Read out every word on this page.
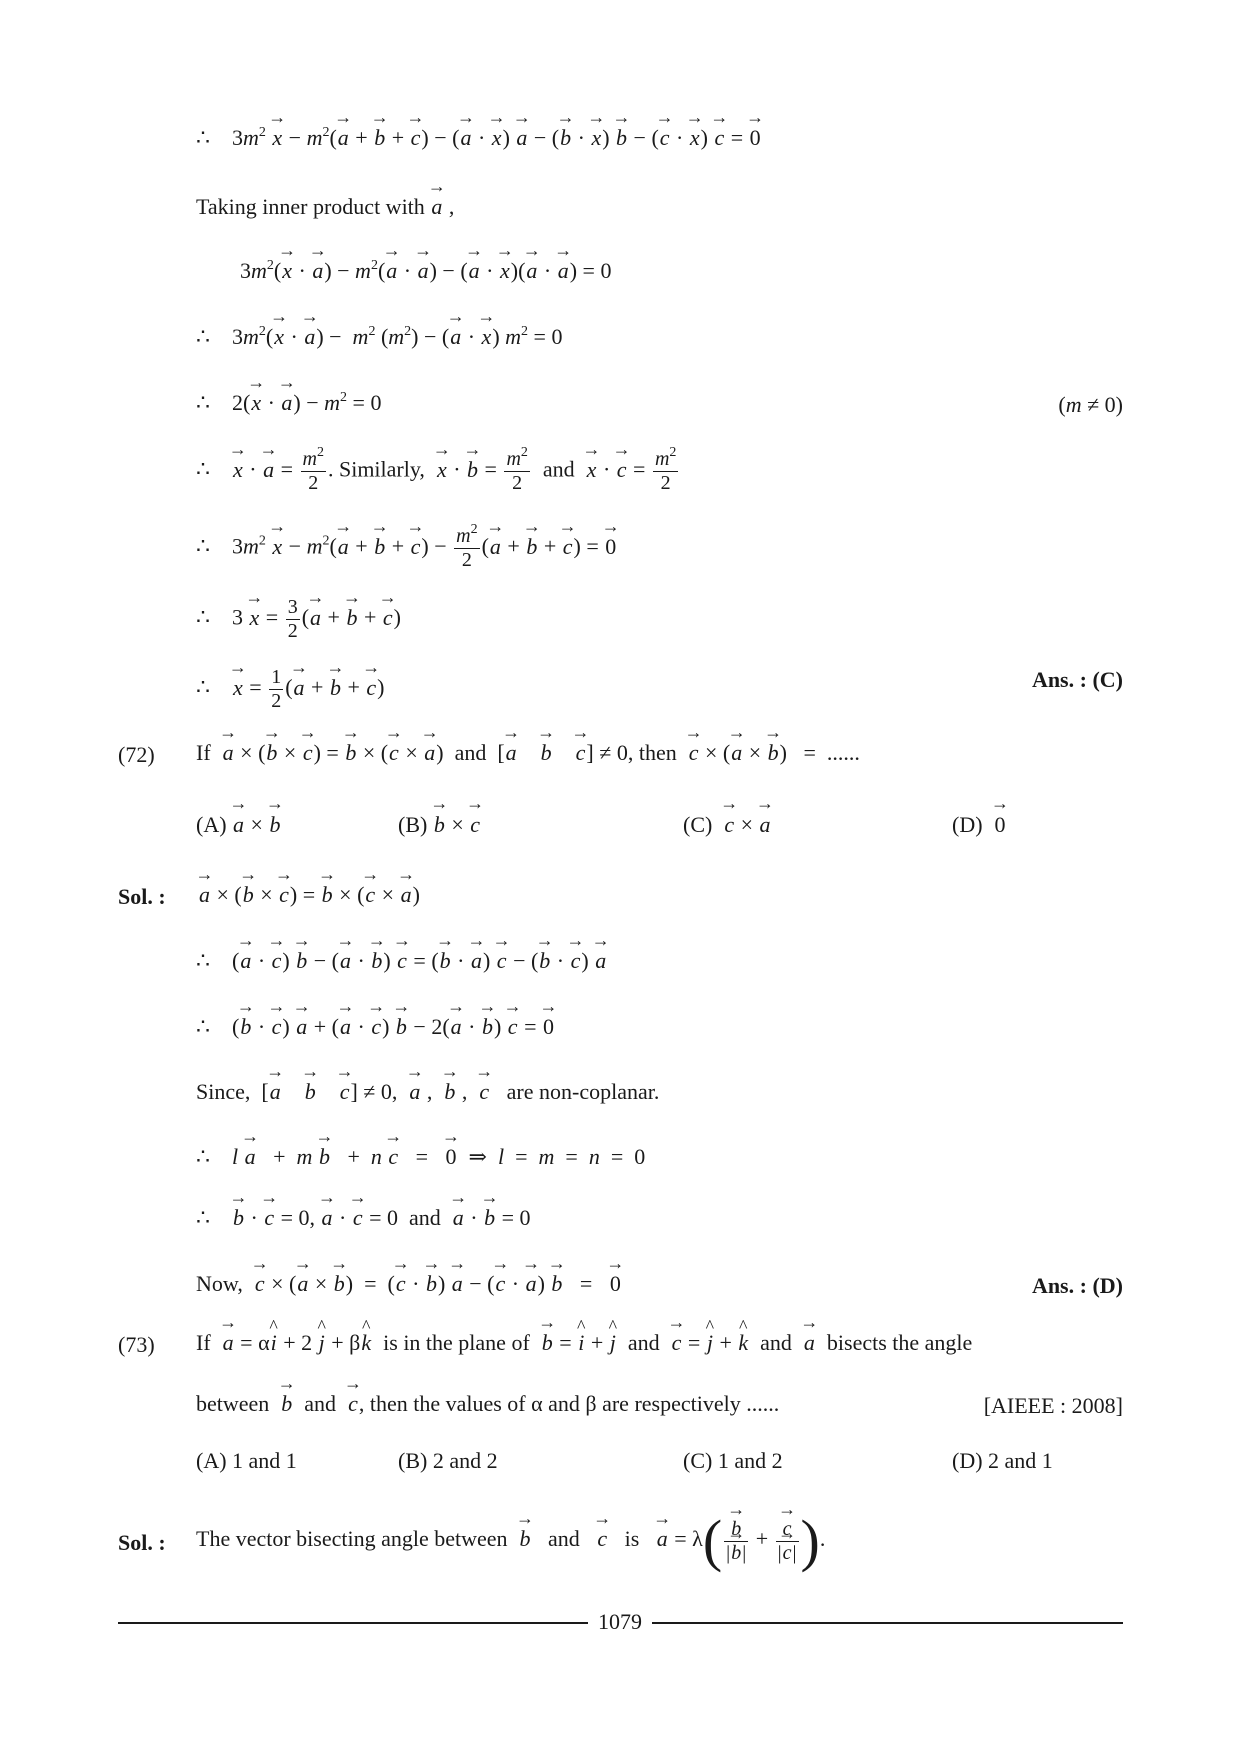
∴    $3m^2 \to x - m^2(\to a$ + → b + → c) − (→ a · → x) → a − (→ b · → x) → b − (→ c · → x) → c = → 0
Taking inner product with → a ,
$3m^2(\to x$ · → $a) - m^2(\to a$ · → a) − (→ a · → x)(→ a · → a) = 0
∴    $3m^2(\to x$ · → $a) - m^2$ $(m^2)$ − (→ a · → x) $m^2 = 0$
∴    2(→ x · → $a) - m^2 = 0$	(m ≠ 0)
∴    → x · → $a = \frac{m^2}{2}$ . Similarly,  → x · → $b = \frac{m^2}{2}$ and  → x · → $c = \frac{m^2}{2}$
∴    $3m^2 \to x - m^2(\to a$ + → b + → $c) - \frac{m^2}{2}$ (→ a + → b + → c) = → 0
∴    $3 \to x = \frac{3}{2}$ (→ a + → b + → c)
∴    → $x = \frac{1}{2}$ (→ a + → b + → c)	Ans. : (C)
(72) If  → a × (→ b × → c) = → b × (→ c × → a)  and  [→ a    → b    → c] ≠ 0, then  → c × (→ a × → b)   =  ......
(A) → a × → b	(B) → b × → c	(C)  → c × → a	(D)  → 0
Sol. :
→ a × (→ b × → c) = → b × (→ c × → a)
∴    (→ a · → c) → b − (→ a · → b) → c = (→ b · → a) → c − (→ b · → c) → a
∴    (→ b · → c) → a + (→ a · → c) → b − 2(→ a · → b) → c = → 0
Since,  [→ a    → b    → c] ≠ 0,  → a ,  → b ,  → c are non-coplanar.
∴    l → a   +  m → b   +  n → c   =   → 0  ⇒  l  =  m  =  n  =  0
∴    → b · → c = 0, → a · → c = 0  and  → a · → b = 0
Now,  → c × (→ a × → b)  =  (→ c · → b) → a − (→ c · → a) → b   =   → 0	Ans. : (D)
(73) If  → a = α^ i + 2 ^ j + β^ k is in the plane of  → b = ^ i + ^ j and  → c = ^ j + ^ k and  → a bisects the angle
between  → b and  → c, then the values of α and β are respectively ......	[AIEEE : 2008]
(A) 1 and 1	(B) 2 and 2	(C) 1 and 2	(D) 2 and 1
Sol. : The vector bisecting angle between  → b and   → c is   → a = λ(
→ $\frac{b}{|\to b|}$ +
→ $\frac{c}{|\to c|}$ ).
1079
